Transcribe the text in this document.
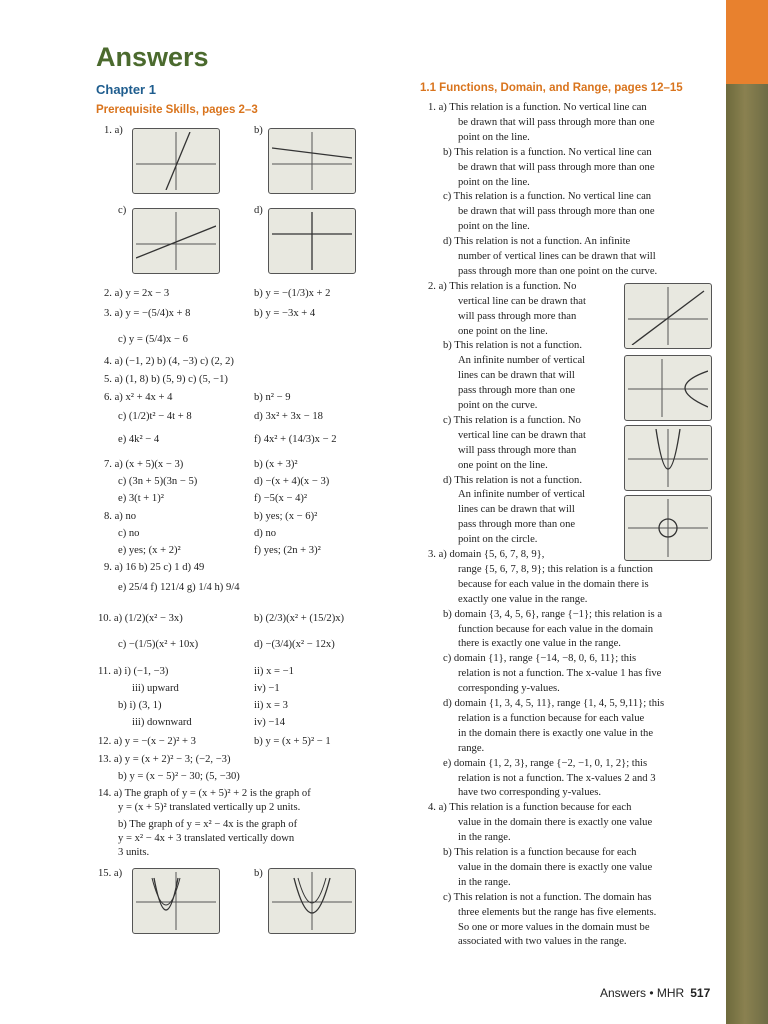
Answers
Chapter 1
Prerequisite Skills, pages 2–3
1.1 Functions, Domain, and Range, pages 12–15
1. a)	b)
c)	d)
2. a) y = 2x − 3	b) y = −(1/3)x + 2
3. a) y = −(5/4)x + 8	b) y = −3x + 4
c) y = (5/4)x − 6
4. a) (−1, 2) b) (4, −3) c) (2, 2)
5. a) (1, 8) b) (5, 9) c) (5, −1)
6. a) x² + 4x + 4	b) n² − 9
c) (1/2)t² − 4t + 8	d) 3x² + 3x − 18
e) 4k² − 4	f) 4x² + (14/3)x − 2
7. a) (x + 5)(x − 3)	b) (x + 3)²
c) (3n + 5)(3n − 5)	d) −(x + 4)(x − 3)
e) 3(t + 1)²	f) −5(x − 4)²
8. a) no	b) yes; (x − 6)²
c) no	d) no
e) yes; (x + 2)²	f) yes; (2n + 3)²
9. a) 16 b) 25 c) 1 d) 49
e) 25/4 f) 121/4 g) 1/4 h) 9/4
10. a) (1/2)(x² − 3x)	b) (2/3)(x² + (15/2)x)
c) −(1/5)(x² + 10x)	d) −(3/4)(x² − 12x)
11. a) i) (−1, −3)	ii) x = −1
iii) upward	iv) −1
b) i) (3, 1)	ii) x = 3
iii) downward	iv) −14
12. a) y = −(x − 2)² + 3	b) y = (x + 5)² − 1
13. a) y = (x + 2)² − 3; (−2, −3)
b) y = (x − 5)² − 30; (5, −30)
14. a) The graph of y = (x + 5)² + 2 is the graph of
y = (x + 5)² translated vertically up 2 units.
b) The graph of y = x² − 4x is the graph of
y = x² − 4x + 3 translated vertically down
3 units.
15. a)	b)
1. a) This relation is a function. No vertical line can
be drawn that will pass through more than one
point on the line.
b) This relation is a function. No vertical line can
be drawn that will pass through more than one
point on the line.
c) This relation is a function. No vertical line can
be drawn that will pass through more than one
point on the line.
d) This relation is not a function. An infinite
number of vertical lines can be drawn that will
pass through more than one point on the curve.
2. a) This relation is a function. No
vertical line can be drawn that
will pass through more than
one point on the line.
b) This relation is not a function.
An infinite number of vertical
lines can be drawn that will
pass through more than one
point on the curve.
c) This relation is a function. No
vertical line can be drawn that
will pass through more than
one point on the line.
d) This relation is not a function.
An infinite number of vertical
lines can be drawn that will
pass through more than one
point on the circle.
3. a) domain {5, 6, 7, 8, 9},
range {5, 6, 7, 8, 9}; this relation is a function
because for each value in the domain there is
exactly one value in the range.
b) domain {3, 4, 5, 6}, range {−1}; this relation is a
function because for each value in the domain
there is exactly one value in the range.
c) domain {1}, range {−14, −8, 0, 6, 11}; this
relation is not a function. The x-value 1 has five
corresponding y-values.
d) domain {1, 3, 4, 5, 11}, range {1, 4, 5, 9,11}; this
relation is a function because for each value
in the domain there is exactly one value in the
range.
e) domain {1, 2, 3}, range {−2, −1, 0, 1, 2}; this
relation is not a function. The x-values 2 and 3
have two corresponding y-values.
4. a) This relation is a function because for each
value in the domain there is exactly one value
in the range.
b) This relation is a function because for each
value in the domain there is exactly one value
in the range.
c) This relation is not a function. The domain has
three elements but the range has five elements.
So one or more values in the domain must be
associated with two values in the range.
Answers • MHR 517
